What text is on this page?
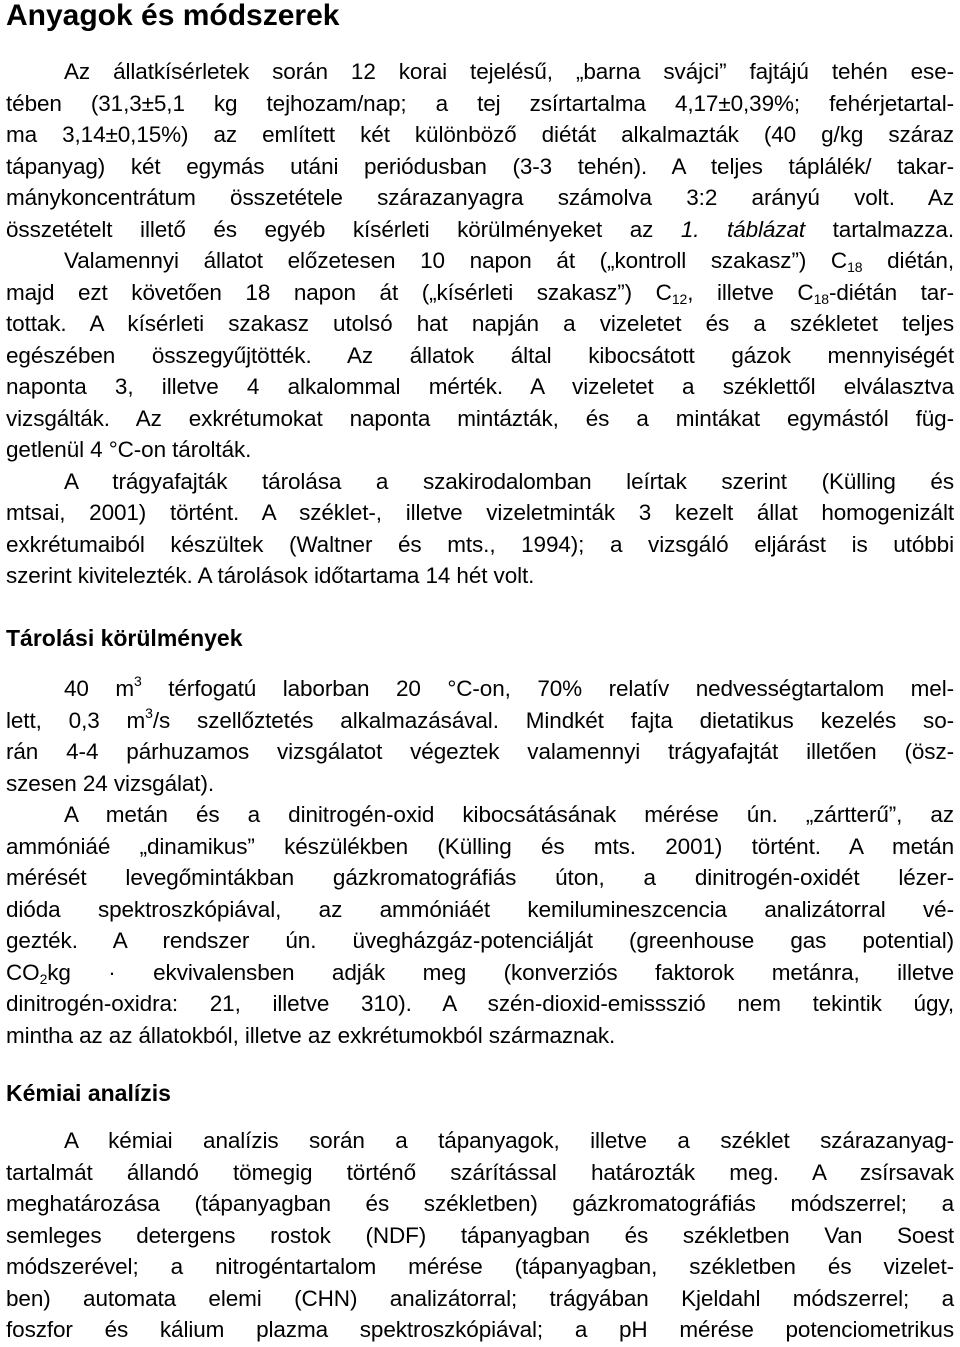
Anyagok és módszerek
Az állatkísérletek során 12 korai tejelésű, „barna svájci” fajtájú tehén ese-
tében (31,3±5,1 kg tejhozam/nap; a tej zsírtartalma 4,17±0,39%; fehérjetartal-
ma 3,14±0,15%) az említett két különböző diétát alkalmazták (40 g/kg száraz
tápanyag) két egymás utáni periódusban (3-3 tehén). A teljes táplálék/ takar-
mánykoncentrátum összetétele szárazanyagra számolva 3:2 arányú volt. Az
összetételt illető és egyéb kísérleti körülményeket az 1. táblázat tartalmazza.
Valamennyi állatot előzetesen 10 napon át („kontroll szakasz”) $C_{18}$ diétán,
majd ezt követően 18 napon át („kísérleti szakasz”) $C_{12}$, illetve $C_{18}$-diétán tar-
tottak. A kísérleti szakasz utolsó hat napján a vizeletet és a székletet teljes
egészében összegyűjtötték. Az állatok által kibocsátott gázok mennyiségét
naponta 3, illetve 4 alkalommal mérték. A vizeletet a széklettől elválasztva
vizsgálták. Az exkrétumokat naponta mintázták, és a mintákat egymástól füg-
getlenül 4 °C-on tárolták.
A trágyafajták tárolása a szakirodalomban leírtak szerint (Külling és
mtsai, 2001) történt. A széklet-, illetve vizeletminták 3 kezelt állat homogenizált
exkrétumaiból készültek (Waltner és mts., 1994); a vizsgáló eljárást is utóbbi
szerint kivitelezték. A tárolások időtartama 14 hét volt.
Tárolási körülmények
40 $m^3$ térfogatú laborban 20 °C-on, 70% relatív nedvességtartalom mel-
lett, 0,3 $m^3/s$ szellőztetés alkalmazásával. Mindkét fajta dietatikus kezelés so-
rán 4-4 párhuzamos vizsgálatot végeztek valamennyi trágyafajtát illetően (ösz-
szesen 24 vizsgálat).
A metán és a dinitrogén-oxid kibocsátásának mérése ún. „zártterű”, az
ammóniáé „dinamikus” készülékben (Külling és mts. 2001) történt. A metán
mérését levegőmintákban gázkromatográfiás úton, a dinitrogén-oxidét lézer-
dióda spektroszkópiával, az ammóniáét kemilumineszcencia analizátorral vé-
gezték. A rendszer ún. üvegházgáz-potenciálját (greenhouse gas potential)
$CO_2kg$ · ekvivalensben adják meg (konverziós faktorok metánra, illetve
dinitrogén-oxidra: 21, illetve 310). A szén-dioxid-emissszió nem tekintik úgy,
mintha az az állatokból, illetve az exkrétumokból származnak.
Kémiai analízis
A kémiai analízis során a tápanyagok, illetve a széklet szárazanyag-
tartalmát állandó tömegig történő szárítással határozták meg. A zsírsavak
meghatározása (tápanyagban és székletben) gázkromatográfiás módszerrel; a
semleges detergens rostok (NDF) tápanyagban és székletben Van Soest
módszerével; a nitrogéntartalom mérése (tápanyagban, székletben és vizelet-
ben) automata elemi (CHN) analizátorral; trágyában Kjeldahl módszerrel; a
foszfor és kálium plazma spektroszkópiával; a pH mérése potenciometrikus
